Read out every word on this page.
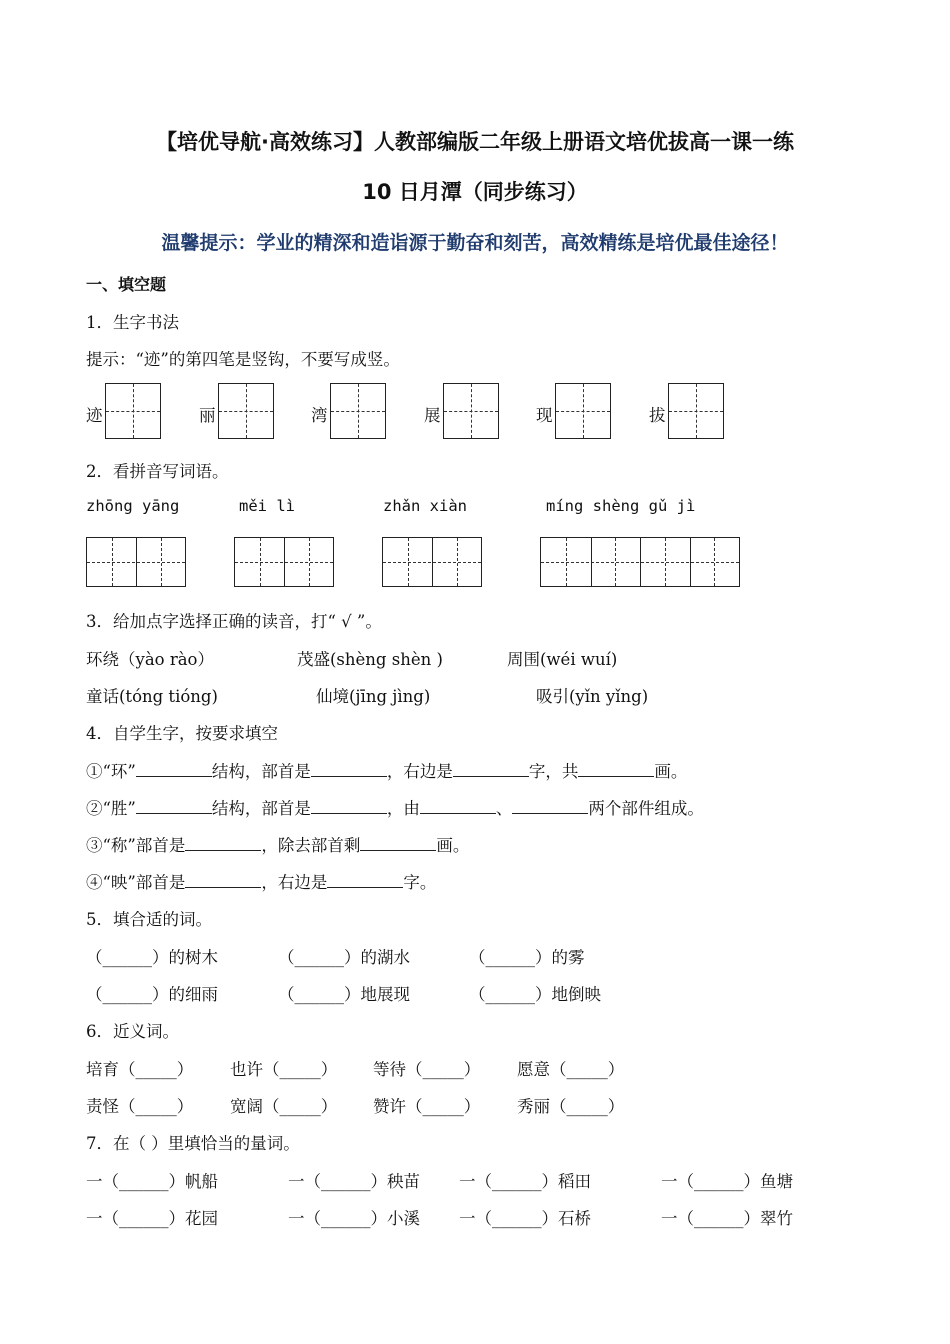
【培优导航·高效练习】人教部编版二年级上册语文培优拔高一课一练
10 日月潭（同步练习）
温馨提示：学业的精深和造诣源于勤奋和刻苦，高效精练是培优最佳途径！
一、填空题
1．生字书法
提示：“迹”的第四笔是竖钩，不要写成竖。
迹	丽	湾	展	现	拔
2．看拼音写词语。
zhōng yāng	měi lì	zhǎn xiàn	míng shèng gǔ jì
3．给加点字选择正确的读音，打“ √ ”。
环绕（yào rào）	茂盛(shèng shèn )	周围(wéi wuí)
童话(tóng tióng)	仙境(jīng jìng)	吸引(yǐn yǐng)
4．自学生字，按要求填空
①“环”	结构，部首是	，右边是	字，共	画。
②“胜”	结构，部首是	，由	、	两个部件组成。
③“称”部首是	，除去部首剩	画。
④“映”部首是	，右边是	字。
5．填合适的词。
（______）的树木	（______）的湖水	（______）的雾
（______）的细雨	（______）地展现	（______）地倒映
6．近义词。
培育（_____） 也许（_____） 等待（_____） 愿意（_____）
责怪（_____） 宽阔（_____） 赞许（_____） 秀丽（_____）
7．在（ ）里填恰当的量词。
一（______）帆船	一（______）秧苗 一（______）稻田	一（______）鱼塘
一（______）花园	一（______）小溪 一（______）石桥	一（______）翠竹
